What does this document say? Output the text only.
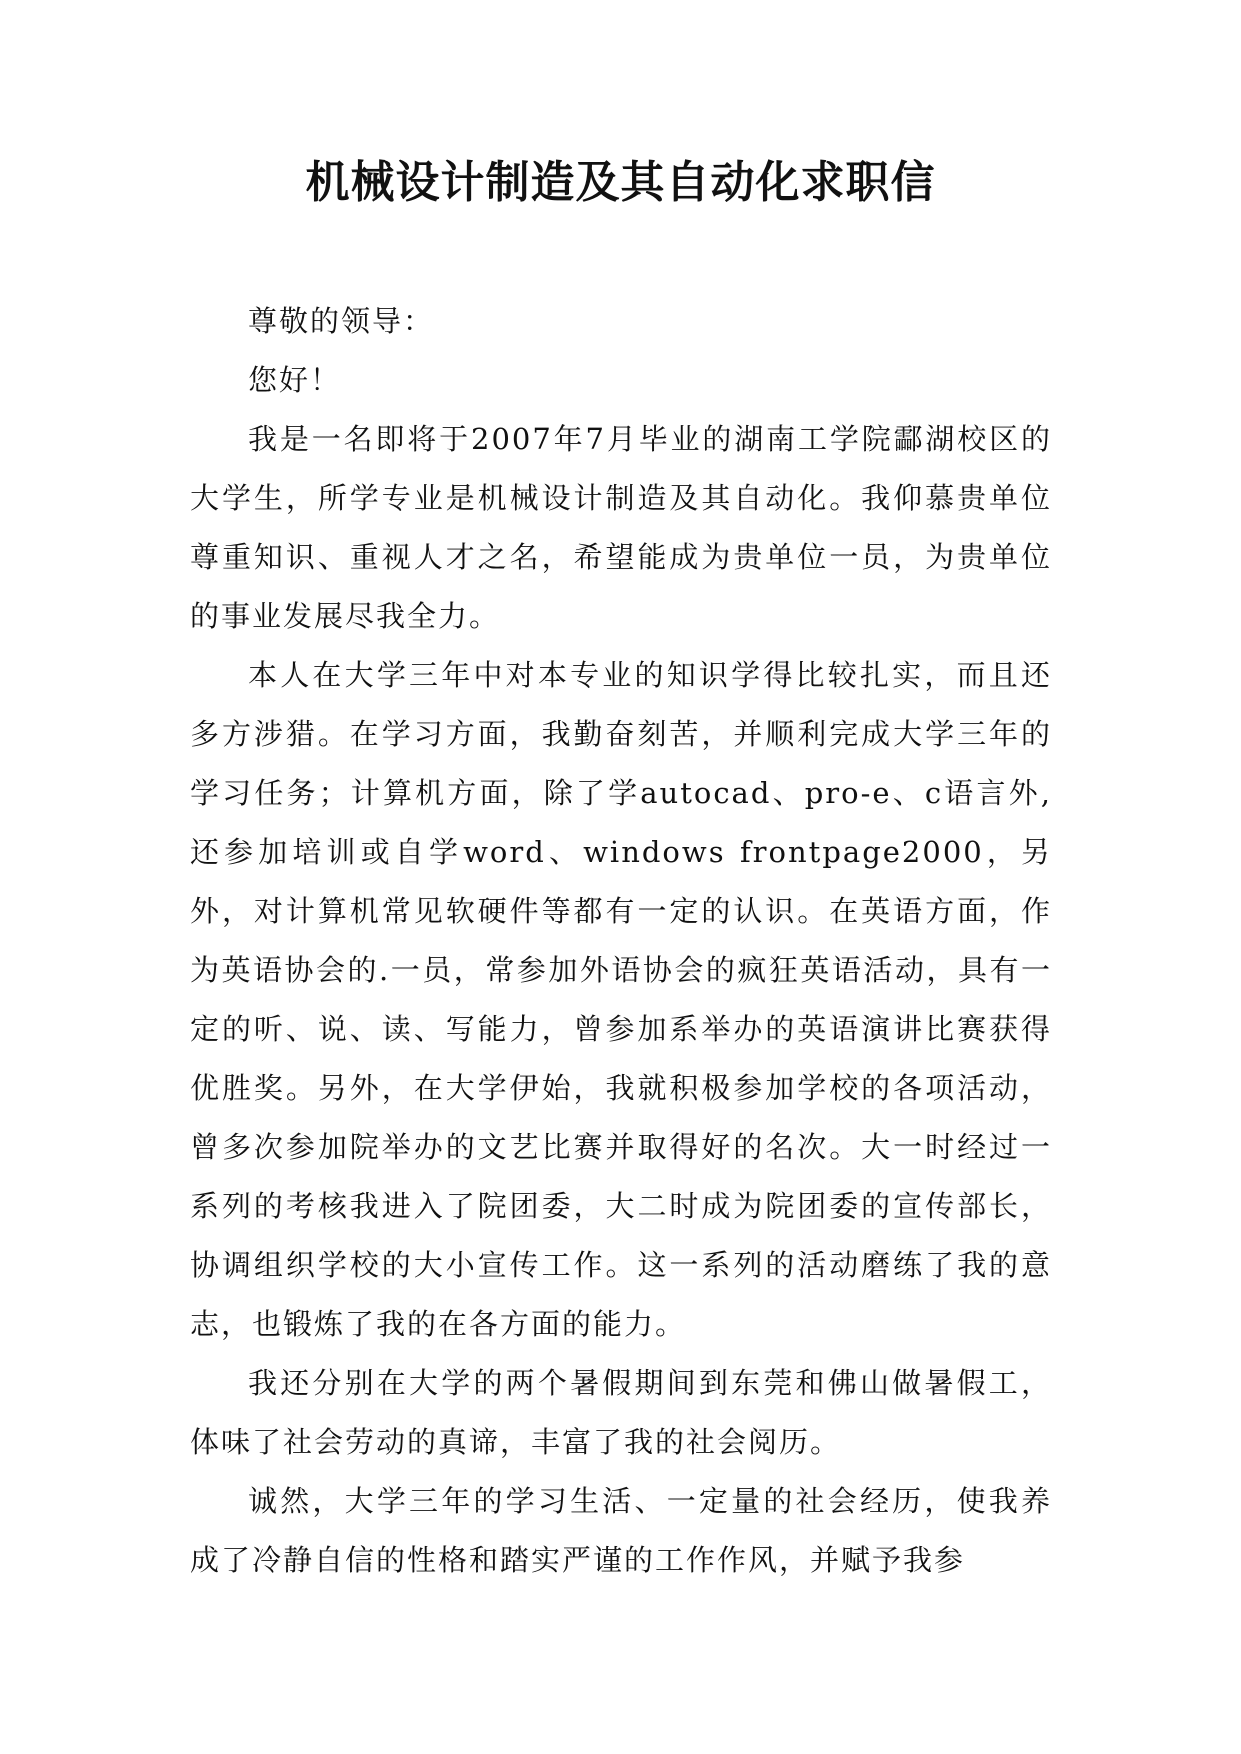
机械设计制造及其自动化求职信

尊敬的领导：

您好！

我是一名即将于2007年7月毕业的湖南工学院酃湖校区的大学生，所学专业是机械设计制造及其自动化。我仰慕贵单位尊重知识、重视人才之名，希望能成为贵单位一员，为贵单位的事业发展尽我全力。

本人在大学三年中对本专业的知识学得比较扎实，而且还多方涉猎。在学习方面，我勤奋刻苦，并顺利完成大学三年的学习任务；计算机方面，除了学autocad、pro-e、c语言外,还参加培训或自学word、windows frontpage2000，另外，对计算机常见软硬件等都有一定的认识。在英语方面，作为英语协会的.一员，常参加外语协会的疯狂英语活动，具有一定的听、说、读、写能力，曾参加系举办的英语演讲比赛获得优胜奖。另外，在大学伊始，我就积极参加学校的各项活动，曾多次参加院举办的文艺比赛并取得好的名次。大一时经过一系列的考核我进入了院团委，大二时成为院团委的宣传部长，协调组织学校的大小宣传工作。这一系列的活动磨练了我的意志，也锻炼了我的在各方面的能力。

我还分别在大学的两个暑假期间到东莞和佛山做暑假工，体味了社会劳动的真谛，丰富了我的社会阅历。

诚然，大学三年的学习生活、一定量的社会经历，使我养成了冷静自信的性格和踏实严谨的工作作风，并赋予我参
